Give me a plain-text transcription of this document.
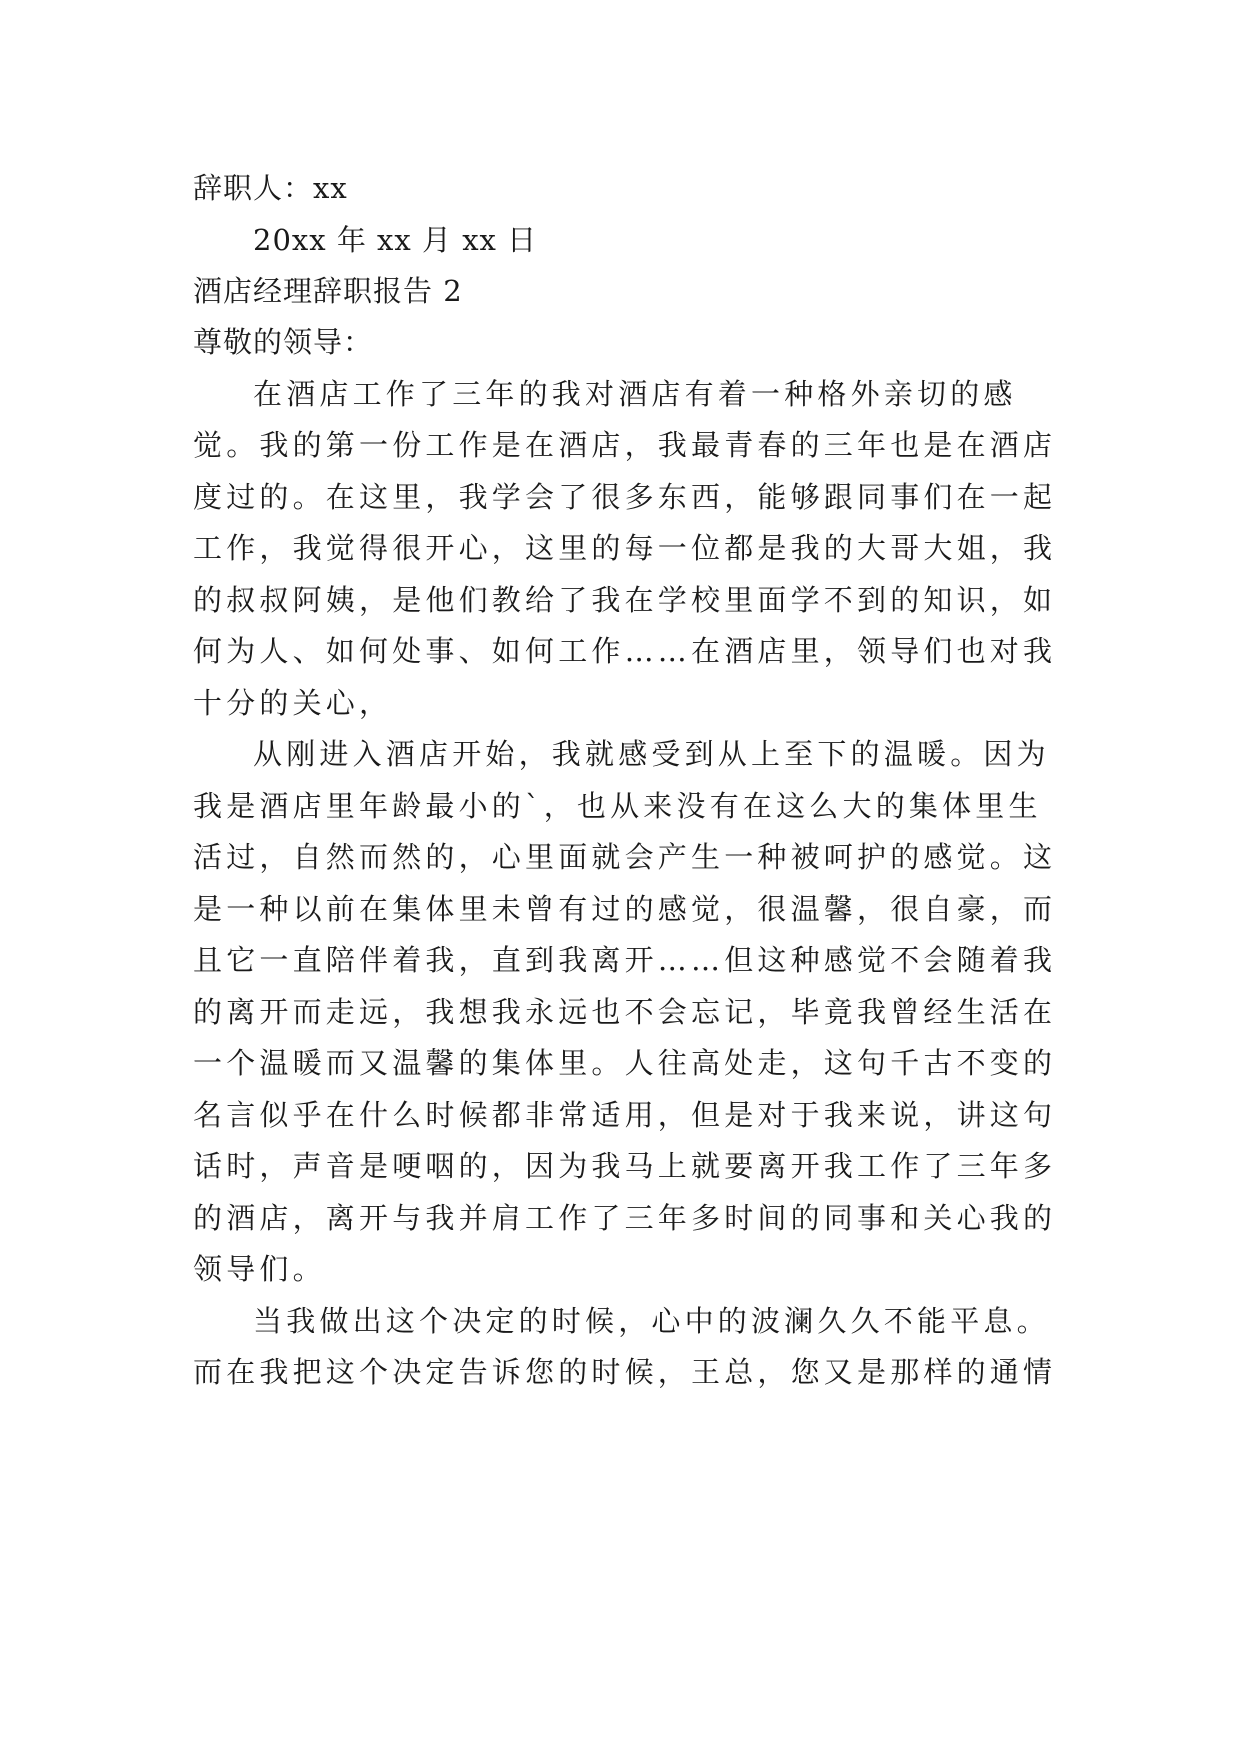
辞职人：xx
20xx 年 xx 月 xx 日
酒店经理辞职报告 2
尊敬的领导：
在酒店工作了三年的我对酒店有着一种格外亲切的感
觉。我的第一份工作是在酒店，我最青春的三年也是在酒店
度过的。在这里，我学会了很多东西，能够跟同事们在一起
工作，我觉得很开心，这里的每一位都是我的大哥大姐，我
的叔叔阿姨，是他们教给了我在学校里面学不到的知识，如
何为人、如何处事、如何工作……在酒店里，领导们也对我
十分的关心，
从刚进入酒店开始，我就感受到从上至下的温暖。因为
我是酒店里年龄最小的`，也从来没有在这么大的集体里生
活过，自然而然的，心里面就会产生一种被呵护的感觉。这
是一种以前在集体里未曾有过的感觉，很温馨，很自豪，而
且它一直陪伴着我，直到我离开……但这种感觉不会随着我
的离开而走远，我想我永远也不会忘记，毕竟我曾经生活在
一个温暖而又温馨的集体里。人往高处走，这句千古不变的
名言似乎在什么时候都非常适用，但是对于我来说，讲这句
话时，声音是哽咽的，因为我马上就要离开我工作了三年多
的酒店，离开与我并肩工作了三年多时间的同事和关心我的
领导们。
当我做出这个决定的时候，心中的波澜久久不能平息。
而在我把这个决定告诉您的时候，王总，您又是那样的通情
